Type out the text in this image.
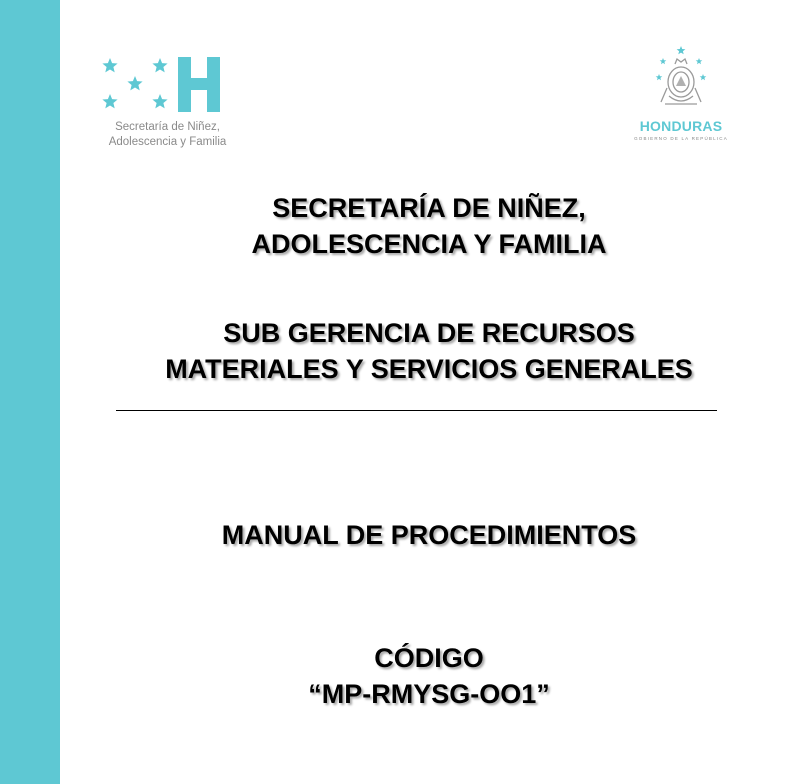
Secretaría de Niñez,
Adolescencia y Familia
HONDURAS
GOBIERNO DE LA REPÚBLICA
SECRETARÍA DE NIÑEZ,
ADOLESCENCIA Y FAMILIA
SUB GERENCIA DE RECURSOS
MATERIALES Y SERVICIOS GENERALES
MANUAL DE PROCEDIMIENTOS
CÓDIGO
“MP-RMYSG-OO1”
